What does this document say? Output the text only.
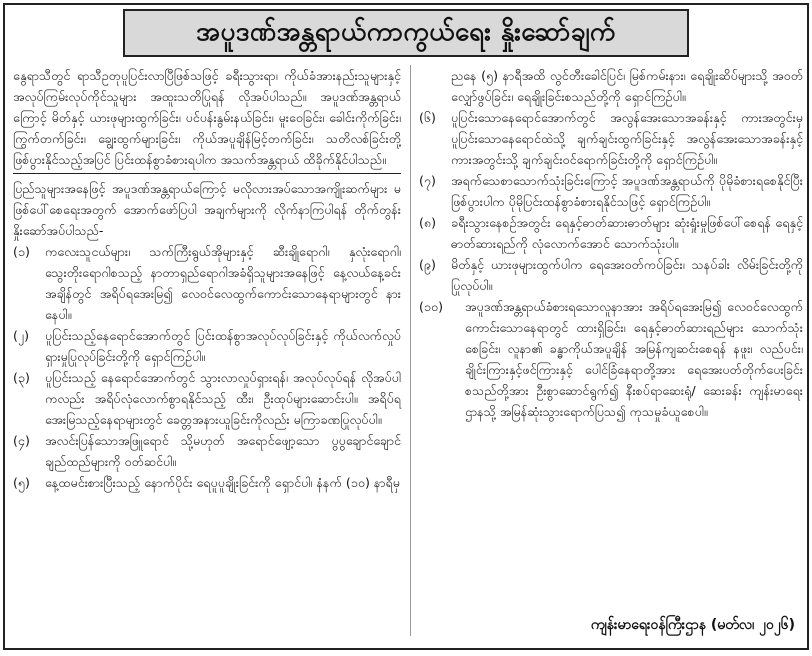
အပူဒဏ်အန္တရာယ်ကာကွယ်ရေး နှိုးဆော်ချက်

နွေရာသီတွင် ရာသီဥတုပူပြင်းလာပြီဖြစ်သဖြင့် ခရီးသွားရာ၊ ကိုယ်ခံအားနည်းသူများနှင့် အလုပ်ကြမ်းလုပ်ကိုင်သူများ အထူးသတိပြုရန် လိုအပ်ပါသည်။ အပူဒဏ်အန္တရာယ်ကြောင့် မိတ်နှင့် ယားဖုများထွက်ခြင်း၊ ပင်ပန်းနွမ်းနယ်ခြင်း၊ မူးဝေခြင်း၊ ခေါင်းကိုက်ခြင်း၊ ကြွက်တက်ခြင်း၊ ချွေးထွက်များခြင်း၊ ကိုယ်အပူချိန်မြင့်တက်ခြင်း၊ သတိလစ်ခြင်းတို့ ဖြစ်ပွားနိုင်သည့်အပြင် ပြင်းထန်စွာခံစားရပါက အသက်အန္တရာယ် ထိခိုက်နိုင်ပါသည်။

ပြည်သူများအနေဖြင့် အပူဒဏ်အန္တရာယ်ကြောင့် မလိုလားအပ်သောအကျိုးဆက်များ မဖြစ်ပေါ်စေရေးအတွက် အောက်ဖော်ပြပါ အချက်များကို လိုက်နာကြပါရန် တိုက်တွန်းနှိုးဆော်အပ်ပါသည်-

(၁)	ကလေးသူငယ်များ၊ သက်ကြီးရွယ်အိုများနှင့် ဆီးချိုရောဂါ၊ နှလုံးရောဂါ၊ သွေးတိုးရောဂါစသည့် နာတာရှည်ရောဂါအခံရှိသူများအနေဖြင့် နေ့လယ်နေ့ခင်းအချိန်တွင် အရိပ်ရအေးမြ၍ လေဝင်လေထွက်ကောင်းသောနေရာများတွင် နားနေပါ။
(၂)	ပူပြင်းသည့်နေရောင်အောက်တွင် ပြင်းထန်စွာအလုပ်လုပ်ခြင်းနှင့် ကိုယ်လက်လှုပ်ရှားမှုပြုလုပ်ခြင်းတို့ကို ရှောင်ကြဉ်ပါ။
(၃)	ပူပြင်းသည့် နေရောင်အောက်တွင် သွားလာလှုပ်ရှားရန်၊ အလုပ်လုပ်ရန် လိုအပ်ပါကလည်း အရိပ်လုံလောက်စွာရနိုင်သည့် ထီး၊ ဦးထုပ်များဆောင်းပါ။ အရိပ်ရအေးမြသည့်နေရာများတွင် ခေတ္တအနားယူခြင်းကိုလည်း မကြာခဏပြုလုပ်ပါ။
(၄)	အလင်းပြန်သောအဖြူရောင် သို့မဟုတ် အရောင်ဖျော့သော ပွပွချောင်ချောင်ချည်ထည်များကို ဝတ်ဆင်ပါ။
(၅)	နေ့ထမင်းစားပြီးသည့် နောက်ပိုင်း ရေပူပူချိုးခြင်းကို ရှောင်ပါ၊ နံနက် (၁၀) နာရီမှ

ညနေ (၅) နာရီအထိ လွင်တီးခေါင်ပြင်၊ မြစ်ကမ်းနား၊ ရေချိုးဆိပ်များသို့ အဝတ်လျှော်ဖွပ်ခြင်း၊ ရေချိုးခြင်းစသည်တို့ကို ရှောင်ကြဉ်ပါ။

(၆)	ပူပြင်းသောနေရောင်အောက်တွင် အလွန်အေးသောအခန်းနှင့် ကားအတွင်းမှ ပူပြင်းသောနေရောင်ထဲသို့ ချက်ချင်းထွက်ခြင်းနှင့် အလွန်အေးသောအခန်းနှင့် ကားအတွင်းသို့ ချက်ချင်းဝင်ရောက်ခြင်းတို့ကို ရှောင်ကြဉ်ပါ။
(၇)	အရက်သေစာသောက်သုံးခြင်းကြောင့် အပူဒဏ်အန္တရာယ်ကို ပိုမိုခံစားရစေနိုင်ပြီး ဖြစ်ပွားပါက ပိုမိုပြင်းထန်စွာခံစားရနိုင်သဖြင့် ရှောင်ကြဉ်ပါ။
(၈)	ခရီးသွားနေစဉ်အတွင်း ရေနှင့်ဓာတ်ဆားဓာတ်များ ဆုံးရှုံးမှုဖြစ်ပေါ်စေရန် ရေနှင့်ဓာတ်ဆားရည်ကို လုံလောက်အောင် သောက်သုံးပါ။
(၉)	မိတ်နှင့် ယားဖုများထွက်ပါက ရေအေးဝတ်ကပ်ခြင်း၊ သနပ်ခါး လိမ်းခြင်းတို့ကို ပြုလုပ်ပါ။
(၁၀)	အပူဒဏ်အန္တရာယ်ခံစားရသောလူနာအား အရိပ်ရအေးမြ၍ လေဝင်လေထွက်ကောင်းသောနေရာတွင် ထားရှိခြင်း၊ ရေနှင့်ဓာတ်ဆားရည်များ သောက်သုံးစေခြင်း၊ လူနာ၏ ခန္ဓာကိုယ်အပူချိန် အမြန်ကျဆင်းစေရန် နဖူး၊ လည်ပင်း၊ ချိုင်းကြားနှင့်ဖင်ကြားနှင့် ပေါင်ခြံနေရာတို့အား ရေအေးပတ်တိုက်ပေးခြင်းစသည်တို့အား ဦးစွာဆောင်ရွက်၍ နီးစပ်ရာဆေးရုံ/ ဆေးခန်း ကျန်းမာရေးဌာနသို့ အမြန်ဆုံးသွားရောက်ပြသ၍ ကုသမှုခံယူစေပါ။
ကျန်းမာရေးဝန်ကြီးဌာန (မတ်လ၊ ၂၀၂၆)
